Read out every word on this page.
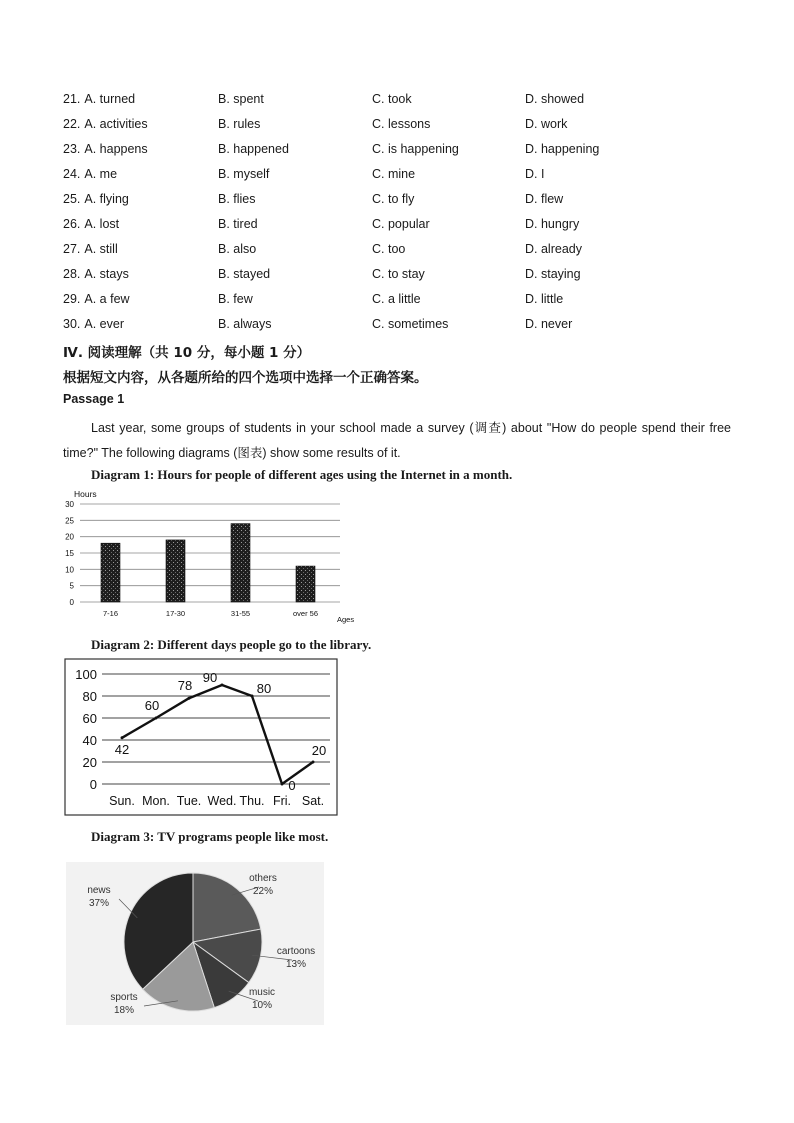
21. A. turned	B. spent	C. took	D. showed
22. A. activities	B. rules	C. lessons	D. work
23. A. happens	B. happened	C. is happening	D. happening
24. A. me	B. myself	C. mine	D. I
25. A. flying	B. flies	C. to fly	D. flew
26. A. lost	B. tired	C. popular	D. hungry
27. A. still	B. also	C. too	D. already
28. A. stays	B. stayed	C. to stay	D. staying
29. A. a few	B. few	C. a little	D. little
30. A. ever	B. always	C. sometimes	D. never
Ⅳ. 阅读理解（共 10 分，每小题 1 分）
根据短文内容，从各题所给的四个选项中选择一个正确答案。
Passage 1
Last year, some groups of students in your school made a survey (调查) about "How do people spend their free time?" The following diagrams (图表) show some results of it.
Diagram 1: Hours for people of different ages using the Internet in a month.
Hours
0
5
10
15
20
25
30
7-16	17-30	31-55	over 56
Ages
Diagram 2: Different days people go to the library.
0
20
40
60
80
100
42
60
78
90
80
0
20
Sun. Mon. Tue. Wed. Thu. Fri. Sat.
Diagram 3: TV programs people like most.
others
22%
cartoons
13%
music
10%
sports
18%
news
37%
